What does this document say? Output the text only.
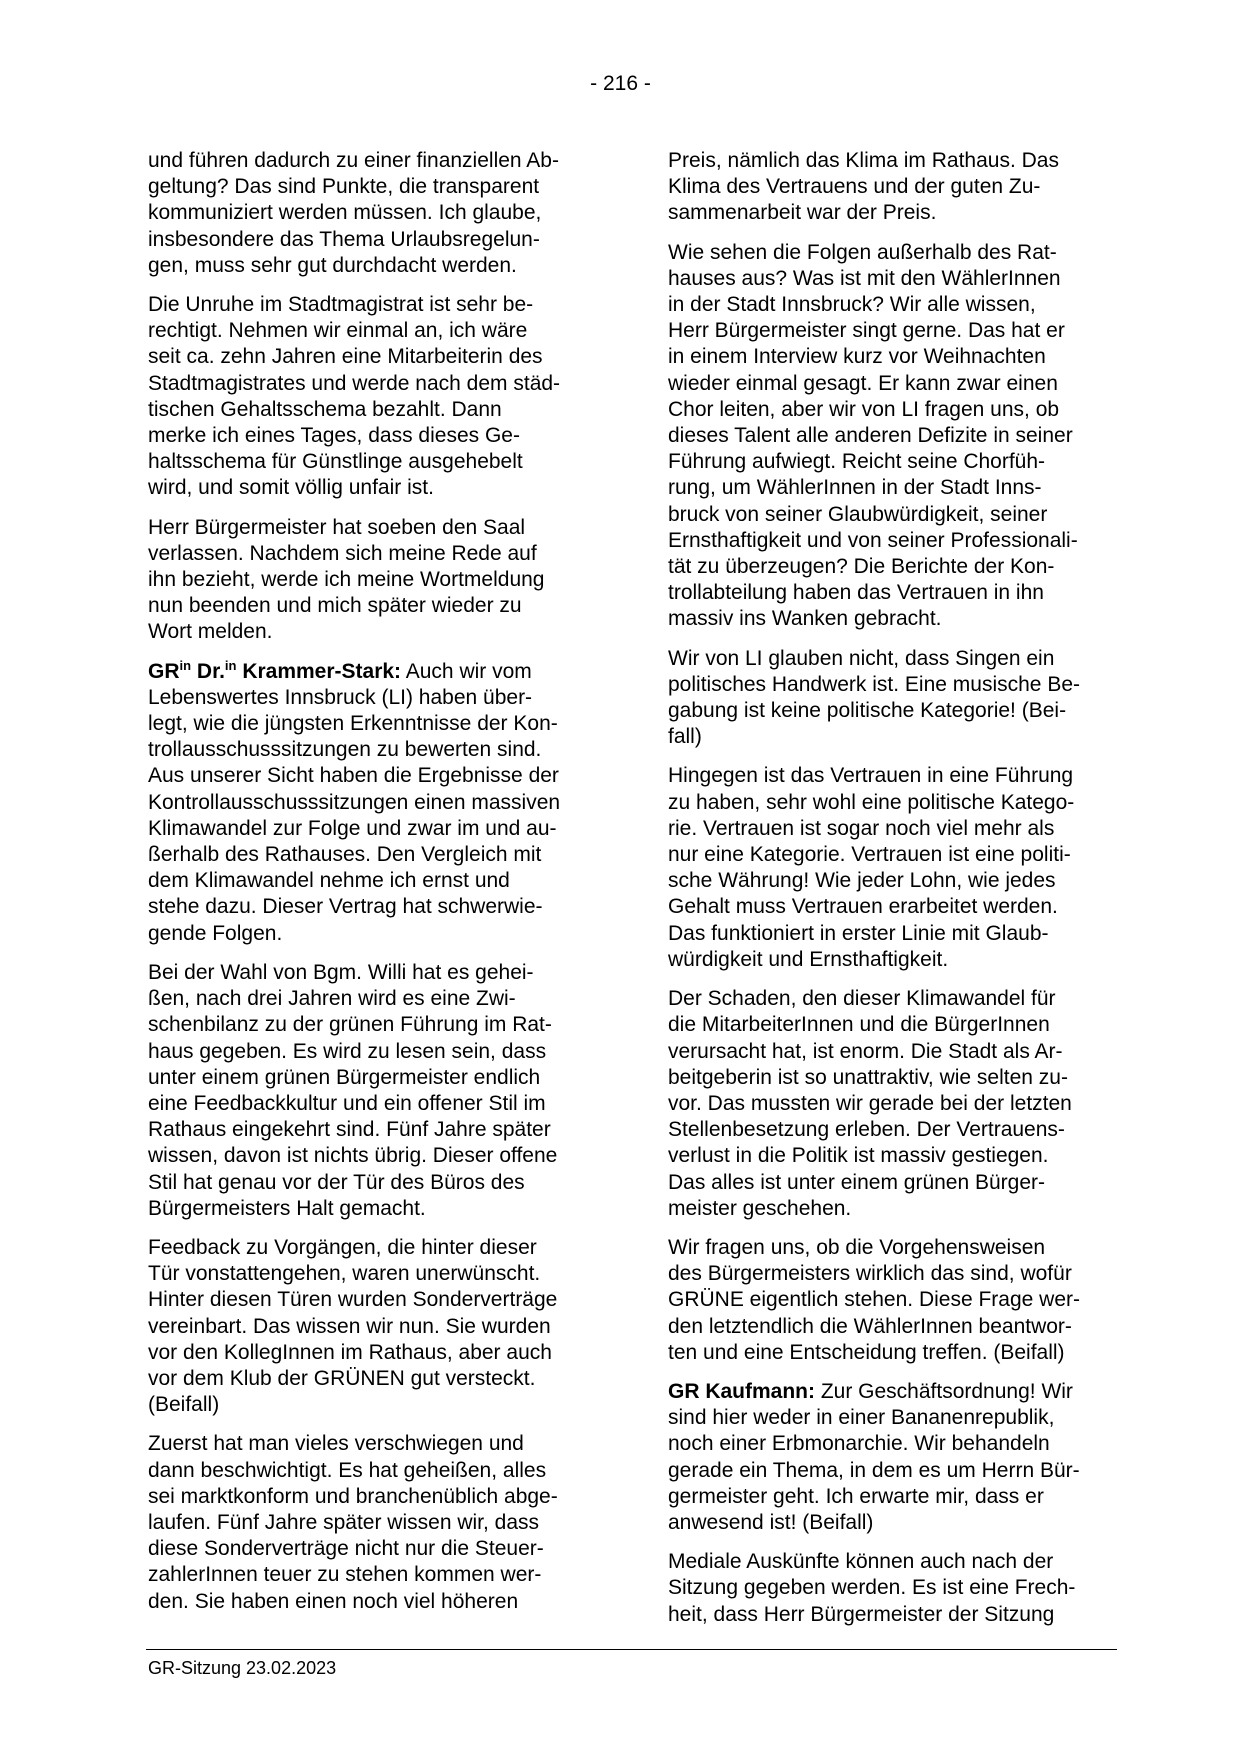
- 216 -

und führen dadurch zu einer finanziellen Ab-
geltung? Das sind Punkte, die transparent
kommuniziert werden müssen. Ich glaube,
insbesondere das Thema Urlaubsregelun-
gen, muss sehr gut durchdacht werden.

Die Unruhe im Stadtmagistrat ist sehr be-
rechtigt. Nehmen wir einmal an, ich wäre
seit ca. zehn Jahren eine Mitarbeiterin des
Stadtmagistrates und werde nach dem städ-
tischen Gehaltsschema bezahlt. Dann
merke ich eines Tages, dass dieses Ge-
haltsschema für Günstlinge ausgehebelt
wird, und somit völlig unfair ist.

Herr Bürgermeister hat soeben den Saal
verlassen. Nachdem sich meine Rede auf
ihn bezieht, werde ich meine Wortmeldung
nun beenden und mich später wieder zu
Wort melden.

$GR^{in}$ Dr.$^{in}$ Krammer-Stark: Auch wir vom
Lebenswertes Innsbruck (LI) haben über-
legt, wie die jüngsten Erkenntnisse der Kon-
trollausschusssitzungen zu bewerten sind.
Aus unserer Sicht haben die Ergebnisse der
Kontrollausschusssitzungen einen massiven
Klimawandel zur Folge und zwar im und au-
ßerhalb des Rathauses. Den Vergleich mit
dem Klimawandel nehme ich ernst und
stehe dazu. Dieser Vertrag hat schwerwie-
gende Folgen.

Bei der Wahl von Bgm. Willi hat es gehei-
ßen, nach drei Jahren wird es eine Zwi-
schenbilanz zu der grünen Führung im Rat-
haus gegeben. Es wird zu lesen sein, dass
unter einem grünen Bürgermeister endlich
eine Feedbackkultur und ein offener Stil im
Rathaus eingekehrt sind. Fünf Jahre später
wissen, davon ist nichts übrig. Dieser offene
Stil hat genau vor der Tür des Büros des
Bürgermeisters Halt gemacht.

Feedback zu Vorgängen, die hinter dieser
Tür vonstattengehen, waren unerwünscht.
Hinter diesen Türen wurden Sonderverträge
vereinbart. Das wissen wir nun. Sie wurden
vor den KollegInnen im Rathaus, aber auch
vor dem Klub der GRÜNEN gut versteckt.
(Beifall)

Zuerst hat man vieles verschwiegen und
dann beschwichtigt. Es hat geheißen, alles
sei marktkonform und branchenüblich abge-
laufen. Fünf Jahre später wissen wir, dass
diese Sonderverträge nicht nur die Steuer-
zahlerInnen teuer zu stehen kommen wer-
den. Sie haben einen noch viel höheren

Preis, nämlich das Klima im Rathaus. Das
Klima des Vertrauens und der guten Zu-
sammenarbeit war der Preis.

Wie sehen die Folgen außerhalb des Rat-
hauses aus? Was ist mit den WählerInnen
in der Stadt Innsbruck? Wir alle wissen,
Herr Bürgermeister singt gerne. Das hat er
in einem Interview kurz vor Weihnachten
wieder einmal gesagt. Er kann zwar einen
Chor leiten, aber wir von LI fragen uns, ob
dieses Talent alle anderen Defizite in seiner
Führung aufwiegt. Reicht seine Chorfüh-
rung, um WählerInnen in der Stadt Inns-
bruck von seiner Glaubwürdigkeit, seiner
Ernsthaftigkeit und von seiner Professionali-
tät zu überzeugen? Die Berichte der Kon-
trollabteilung haben das Vertrauen in ihn
massiv ins Wanken gebracht.

Wir von LI glauben nicht, dass Singen ein
politisches Handwerk ist. Eine musische Be-
gabung ist keine politische Kategorie! (Bei-
fall)

Hingegen ist das Vertrauen in eine Führung
zu haben, sehr wohl eine politische Katego-
rie. Vertrauen ist sogar noch viel mehr als
nur eine Kategorie. Vertrauen ist eine politi-
sche Währung! Wie jeder Lohn, wie jedes
Gehalt muss Vertrauen erarbeitet werden.
Das funktioniert in erster Linie mit Glaub-
würdigkeit und Ernsthaftigkeit.

Der Schaden, den dieser Klimawandel für
die MitarbeiterInnen und die BürgerInnen
verursacht hat, ist enorm. Die Stadt als Ar-
beitgeberin ist so unattraktiv, wie selten zu-
vor. Das mussten wir gerade bei der letzten
Stellenbesetzung erleben. Der Vertrauens-
verlust in die Politik ist massiv gestiegen.
Das alles ist unter einem grünen Bürger-
meister geschehen.

Wir fragen uns, ob die Vorgehensweisen
des Bürgermeisters wirklich das sind, wofür
GRÜNE eigentlich stehen. Diese Frage wer-
den letztendlich die WählerInnen beantwor-
ten und eine Entscheidung treffen. (Beifall)

GR Kaufmann: Zur Geschäftsordnung! Wir
sind hier weder in einer Bananenrepublik,
noch einer Erbmonarchie. Wir behandeln
gerade ein Thema, in dem es um Herrn Bür-
germeister geht. Ich erwarte mir, dass er
anwesend ist! (Beifall)

Mediale Auskünfte können auch nach der
Sitzung gegeben werden. Es ist eine Frech-
heit, dass Herr Bürgermeister der Sitzung

GR-Sitzung 23.02.2023
